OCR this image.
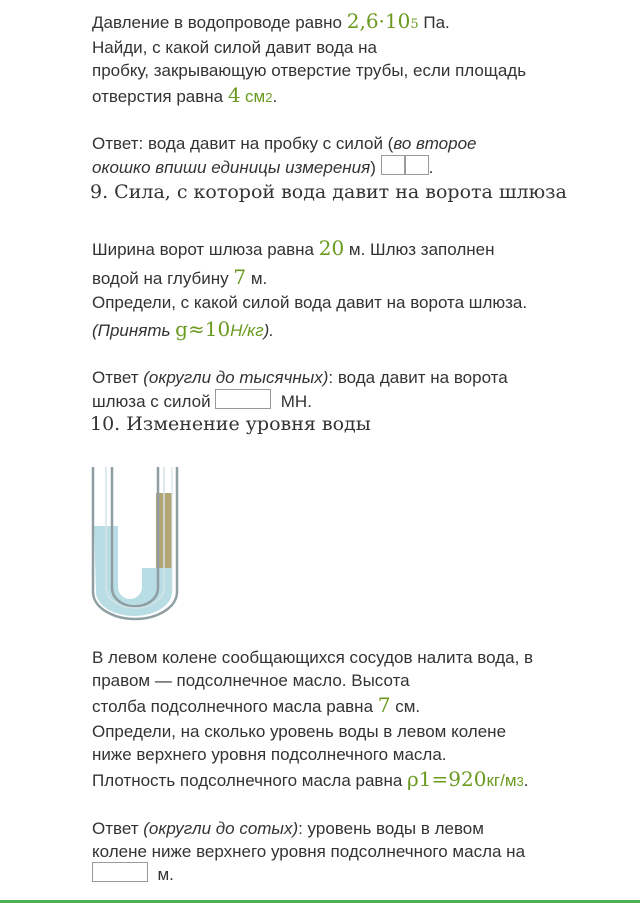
Давление в водопроводе равно 2,6·105 Па.
Найди, с какой силой давит вода на
пробку, закрывающую отверстие трубы, если площадь
отверстия равна 4 см2.
Ответ: вода давит на пробку с силой (во второе
окошко впиши единицы измерения)	.
9. Сила, с которой вода давит на ворота шлюза
Ширина ворот шлюза равна 20 м. Шлюз заполнен
водой на глубину 7 м.
Определи, с какой силой вода давит на ворота шлюза.
(Принять g≈10Н/кг).
Ответ (округли до тысячных): вода давит на ворота
шлюза с силой	МН.
10. Изменение уровня воды
В левом колене сообщающихся сосудов налита вода, в
правом — подсолнечное масло. Высота
столба подсолнечного масла равна 7 см.
Определи, на сколько уровень воды в левом колене
ниже верхнего уровня подсолнечного масла.
Плотность подсолнечного масла равна ρ1=920кг/м3.
Ответ (округли до сотых): уровень воды в левом
колене ниже верхнего уровня подсолнечного масла на
м.
